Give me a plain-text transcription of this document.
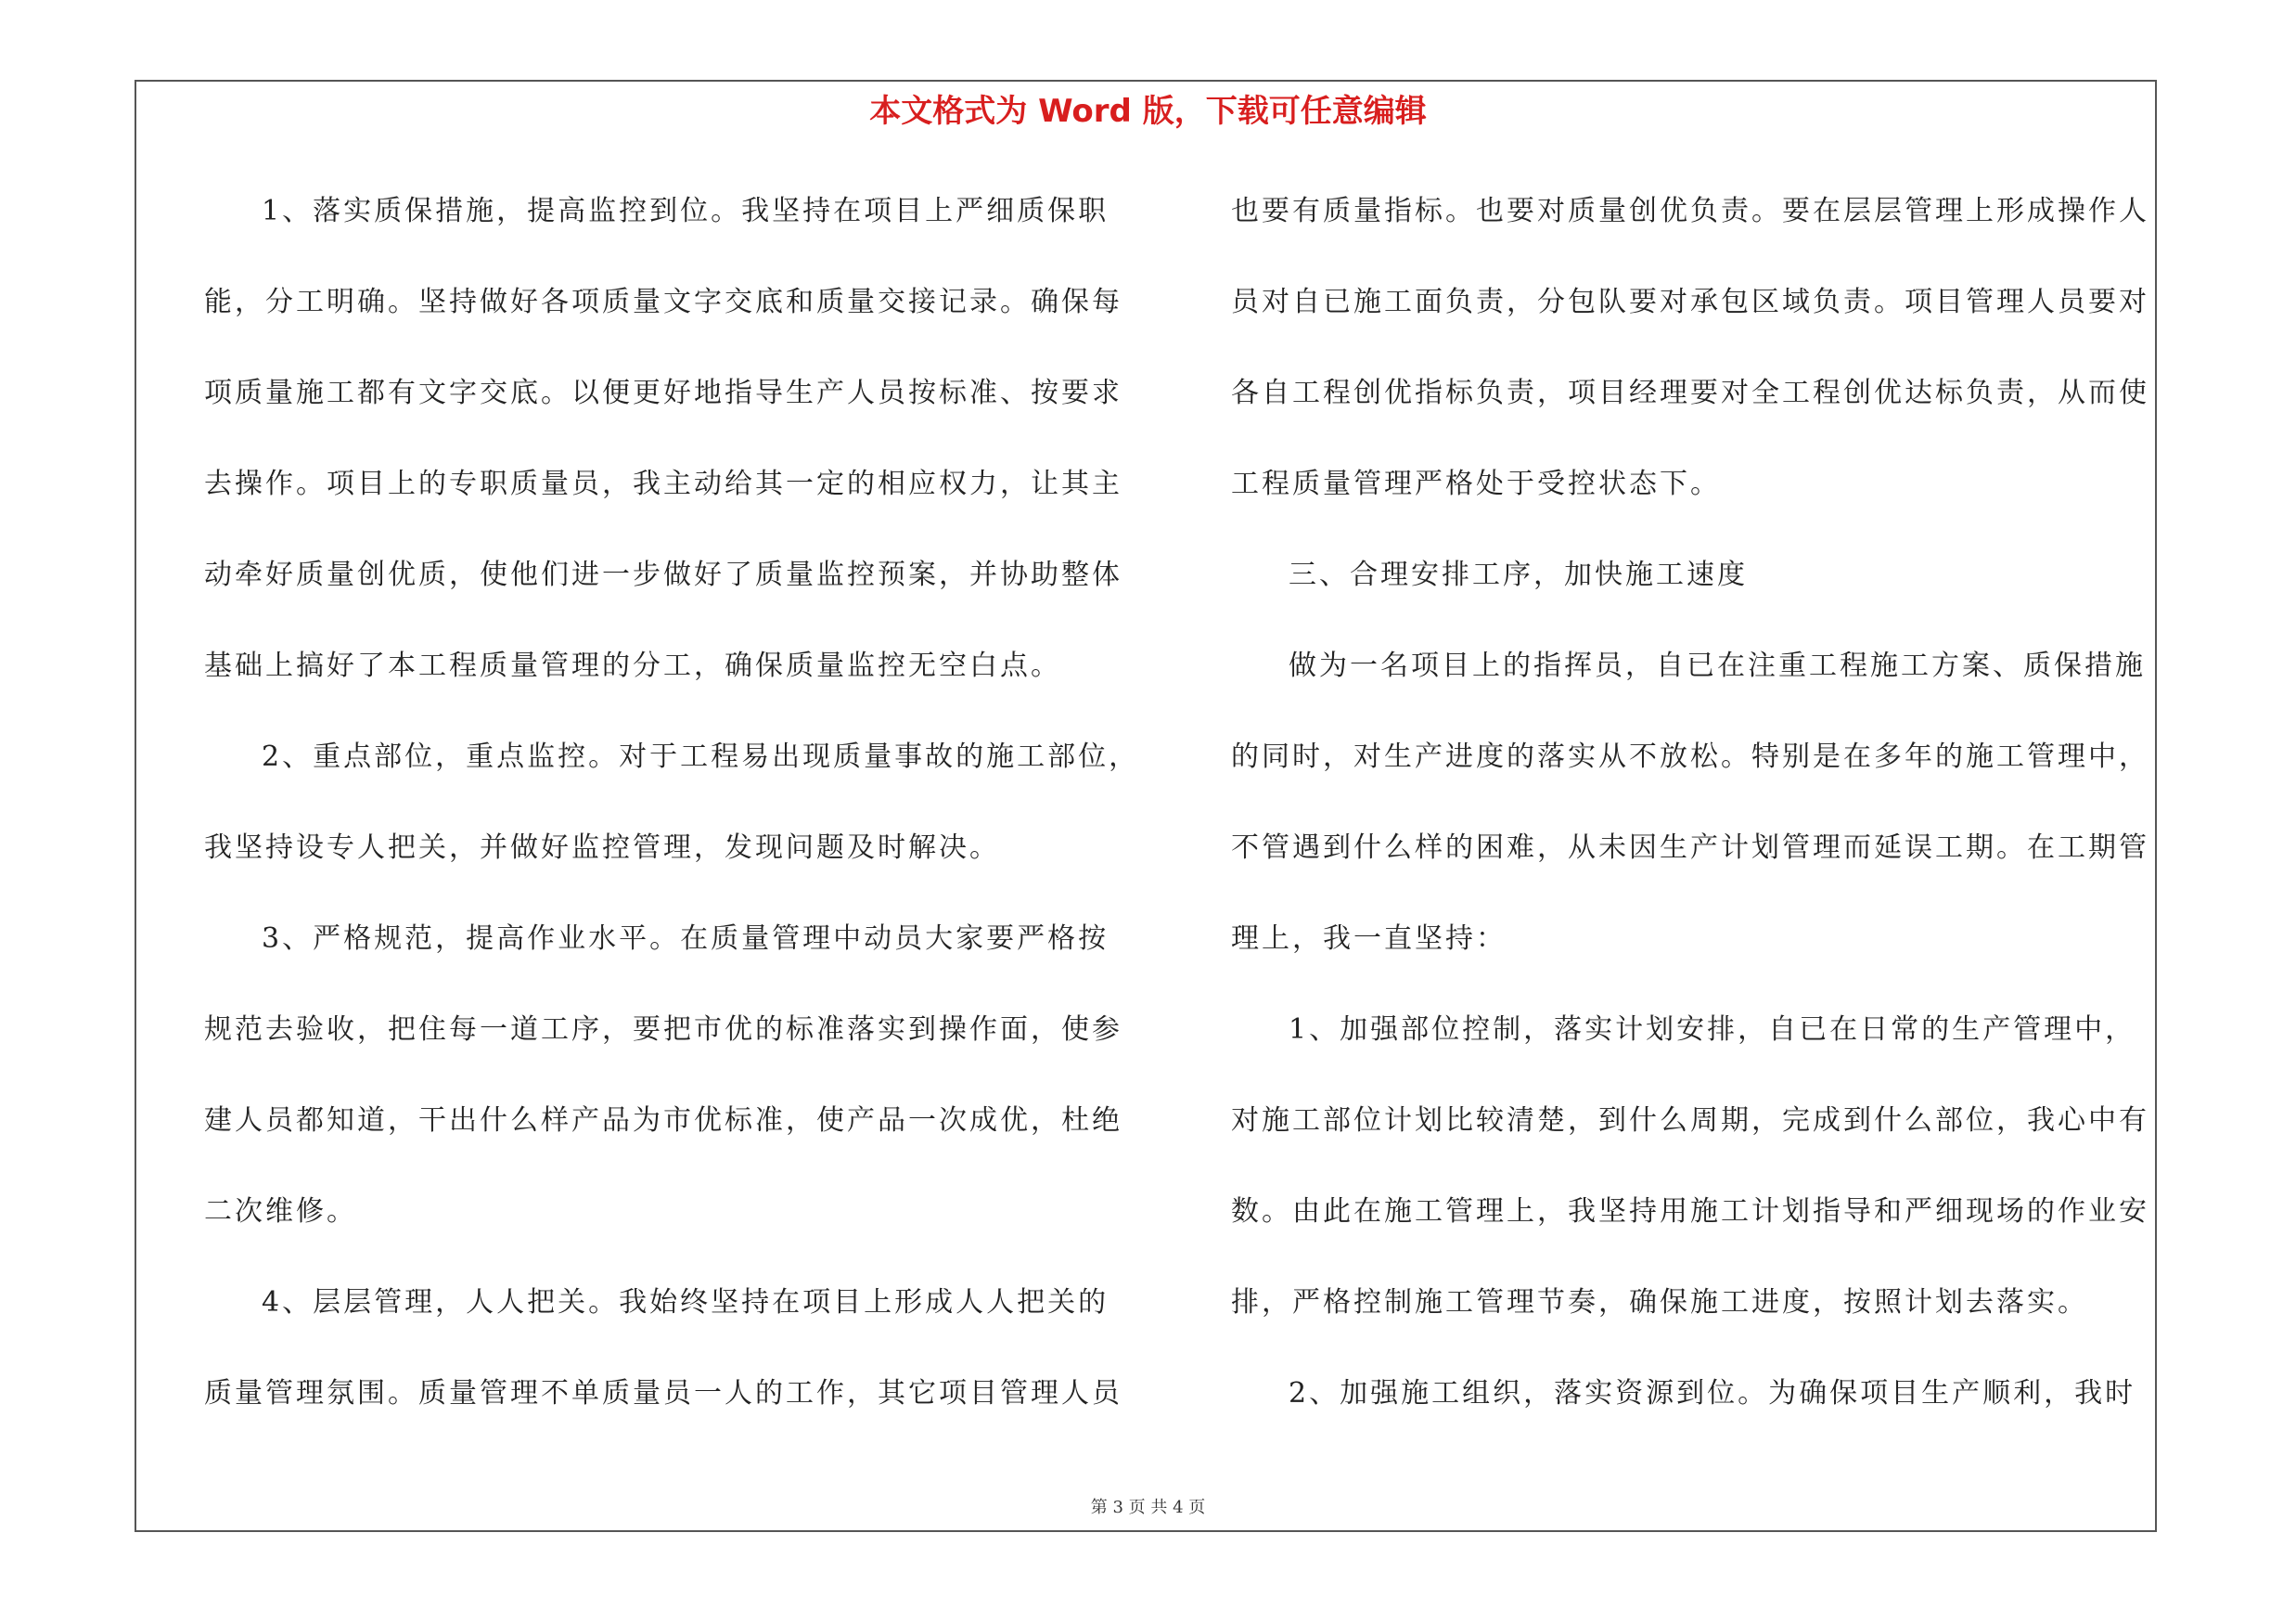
本文格式为 Word 版，下载可任意编辑
1、落实质保措施，提高监控到位。我坚持在项目上严细质保职
能，分工明确。坚持做好各项质量文字交底和质量交接记录。确保每
项质量施工都有文字交底。以便更好地指导生产人员按标准、按要求
去操作。项目上的专职质量员，我主动给其一定的相应权力，让其主
动牵好质量创优质，使他们进一步做好了质量监控预案，并协助整体
基础上搞好了本工程质量管理的分工，确保质量监控无空白点。
2、重点部位，重点监控。对于工程易出现质量事故的施工部位，
我坚持设专人把关，并做好监控管理，发现问题及时解决。
3、严格规范，提高作业水平。在质量管理中动员大家要严格按
规范去验收，把住每一道工序，要把市优的标准落实到操作面，使参
建人员都知道，干出什么样产品为市优标准，使产品一次成优，杜绝
二次维修。
4、层层管理，人人把关。我始终坚持在项目上形成人人把关的
质量管理氛围。质量管理不单质量员一人的工作，其它项目管理人员
也要有质量指标。也要对质量创优负责。要在层层管理上形成操作人
员对自已施工面负责，分包队要对承包区域负责。项目管理人员要对
各自工程创优指标负责，项目经理要对全工程创优达标负责，从而使
工程质量管理严格处于受控状态下。
三、合理安排工序，加快施工速度
做为一名项目上的指挥员，自已在注重工程施工方案、质保措施
的同时，对生产进度的落实从不放松。特别是在多年的施工管理中，
不管遇到什么样的困难，从未因生产计划管理而延误工期。在工期管
理上，我一直坚持：
1、加强部位控制，落实计划安排，自已在日常的生产管理中，
对施工部位计划比较清楚，到什么周期，完成到什么部位，我心中有
数。由此在施工管理上，我坚持用施工计划指导和严细现场的作业安
排，严格控制施工管理节奏，确保施工进度，按照计划去落实。
2、加强施工组织，落实资源到位。为确保项目生产顺利，我时
第 3 页 共 4 页
